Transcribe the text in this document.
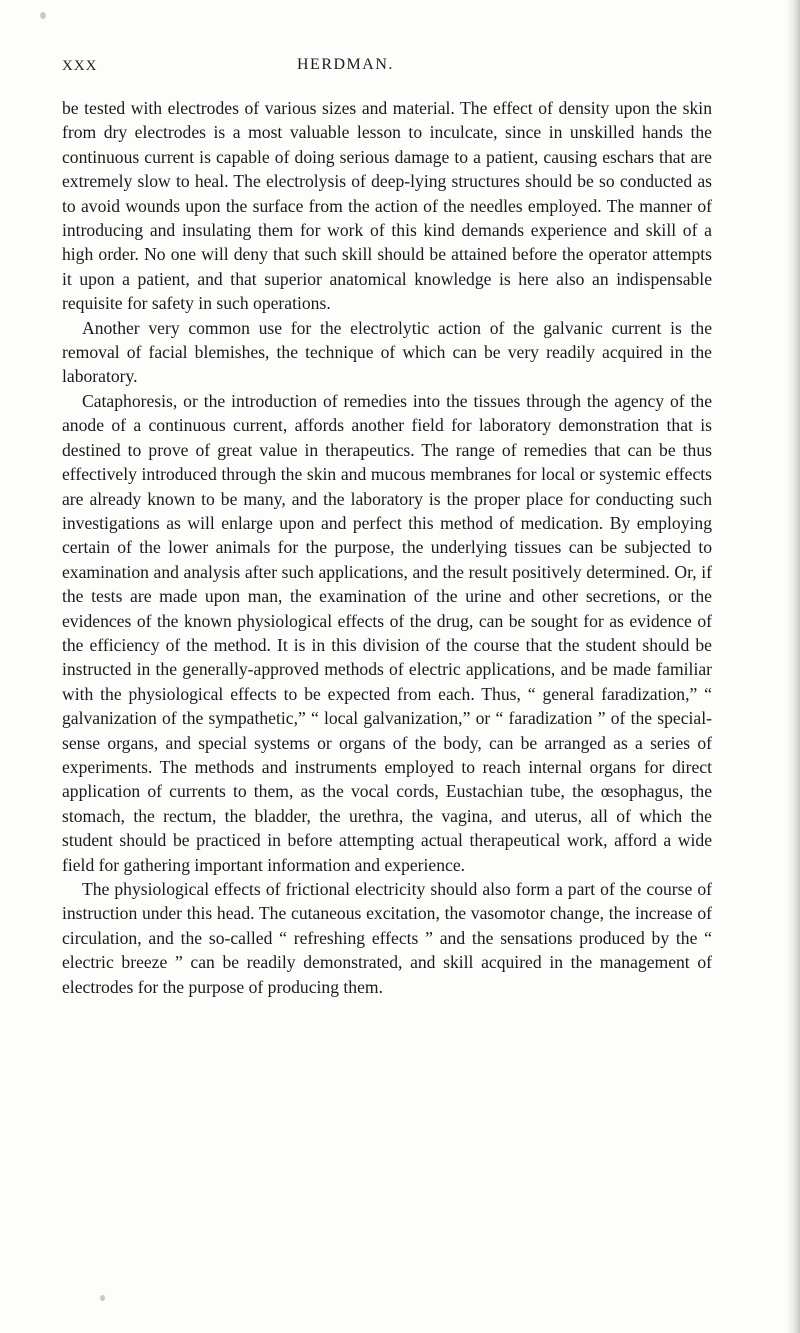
XXX	HERDMAN.

be tested with electrodes of various sizes and material. The effect of density upon the skin from dry electrodes is a most valuable lesson to inculcate, since in unskilled hands the continuous current is capable of doing serious damage to a patient, causing eschars that are extremely slow to heal. The electrolysis of deep-lying structures should be so conducted as to avoid wounds upon the surface from the action of the needles employed. The manner of introducing and insulating them for work of this kind demands experience and skill of a high order. No one will deny that such skill should be attained before the operator attempts it upon a patient, and that superior anatomical knowledge is here also an indispensable requisite for safety in such operations.

Another very common use for the electrolytic action of the galvanic current is the removal of facial blemishes, the technique of which can be very readily acquired in the laboratory.

Cataphoresis, or the introduction of remedies into the tissues through the agency of the anode of a continuous current, affords another field for laboratory demonstration that is destined to prove of great value in therapeutics. The range of remedies that can be thus effectively introduced through the skin and mucous membranes for local or systemic effects are already known to be many, and the laboratory is the proper place for conducting such investigations as will enlarge upon and perfect this method of medication. By employing certain of the lower animals for the purpose, the underlying tissues can be subjected to examination and analysis after such applications, and the result positively determined. Or, if the tests are made upon man, the examination of the urine and other secretions, or the evidences of the known physiological effects of the drug, can be sought for as evidence of the efficiency of the method. It is in this division of the course that the student should be instructed in the generally-approved methods of electric applications, and be made familiar with the physiological effects to be expected from each. Thus, “ general faradization,” “ galvanization of the sympathetic,” “ local galvanization,” or “ faradization ” of the special-sense organs, and special systems or organs of the body, can be arranged as a series of experiments. The methods and instruments employed to reach internal organs for direct application of currents to them, as the vocal cords, Eustachian tube, the œsophagus, the stomach, the rectum, the bladder, the urethra, the vagina, and uterus, all of which the student should be practiced in before attempting actual therapeutical work, afford a wide field for gathering important information and experience.

The physiological effects of frictional electricity should also form a part of the course of instruction under this head. The cutaneous excitation, the vasomotor change, the increase of circulation, and the so-called “ refreshing effects ” and the sensations produced by the “ electric breeze ” can be readily demonstrated, and skill acquired in the management of electrodes for the purpose of producing them.
